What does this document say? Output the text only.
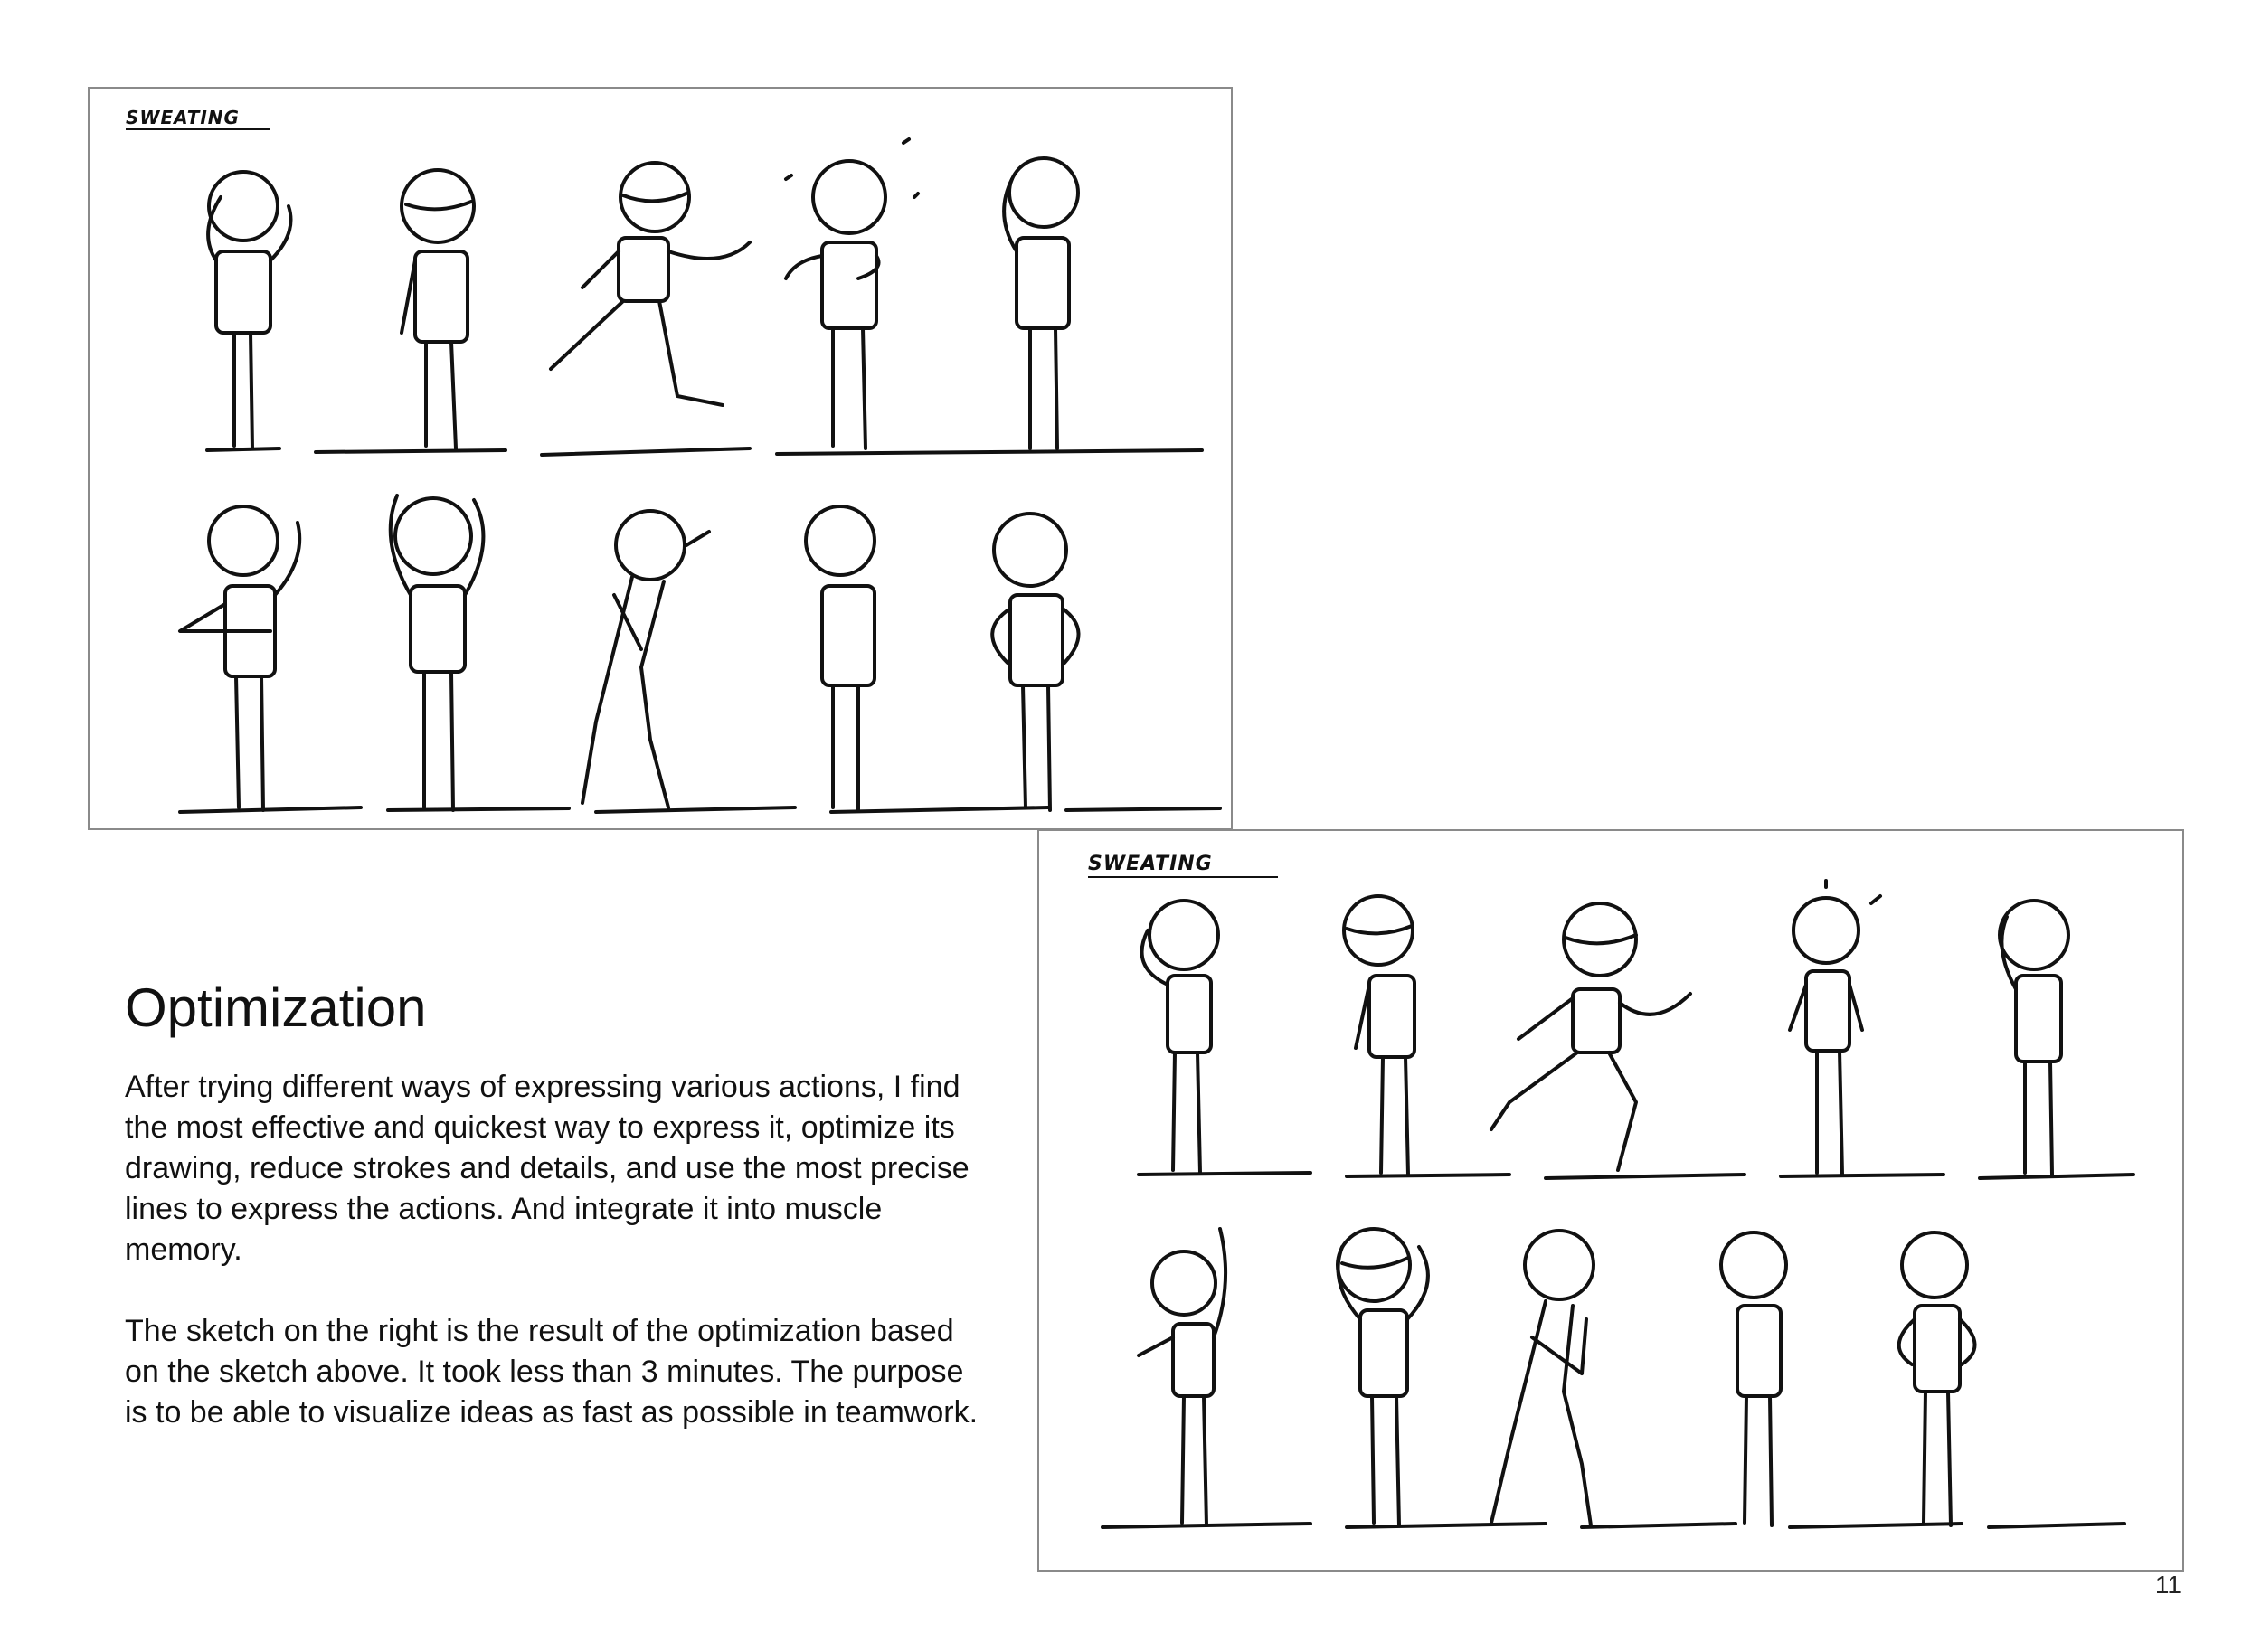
SWEATING
SWEATING
Optimization

After trying different ways of expressing various actions, I find the most effective and quickest way to express it, optimize its drawing, reduce strokes and details, and use the most precise lines to express the actions. And integrate it into muscle memory.

The sketch on the right is the result of the optimization based on the sketch above. It took less than 3 minutes. The purpose is to be able to visualize ideas as fast as possible in teamwork.

11
